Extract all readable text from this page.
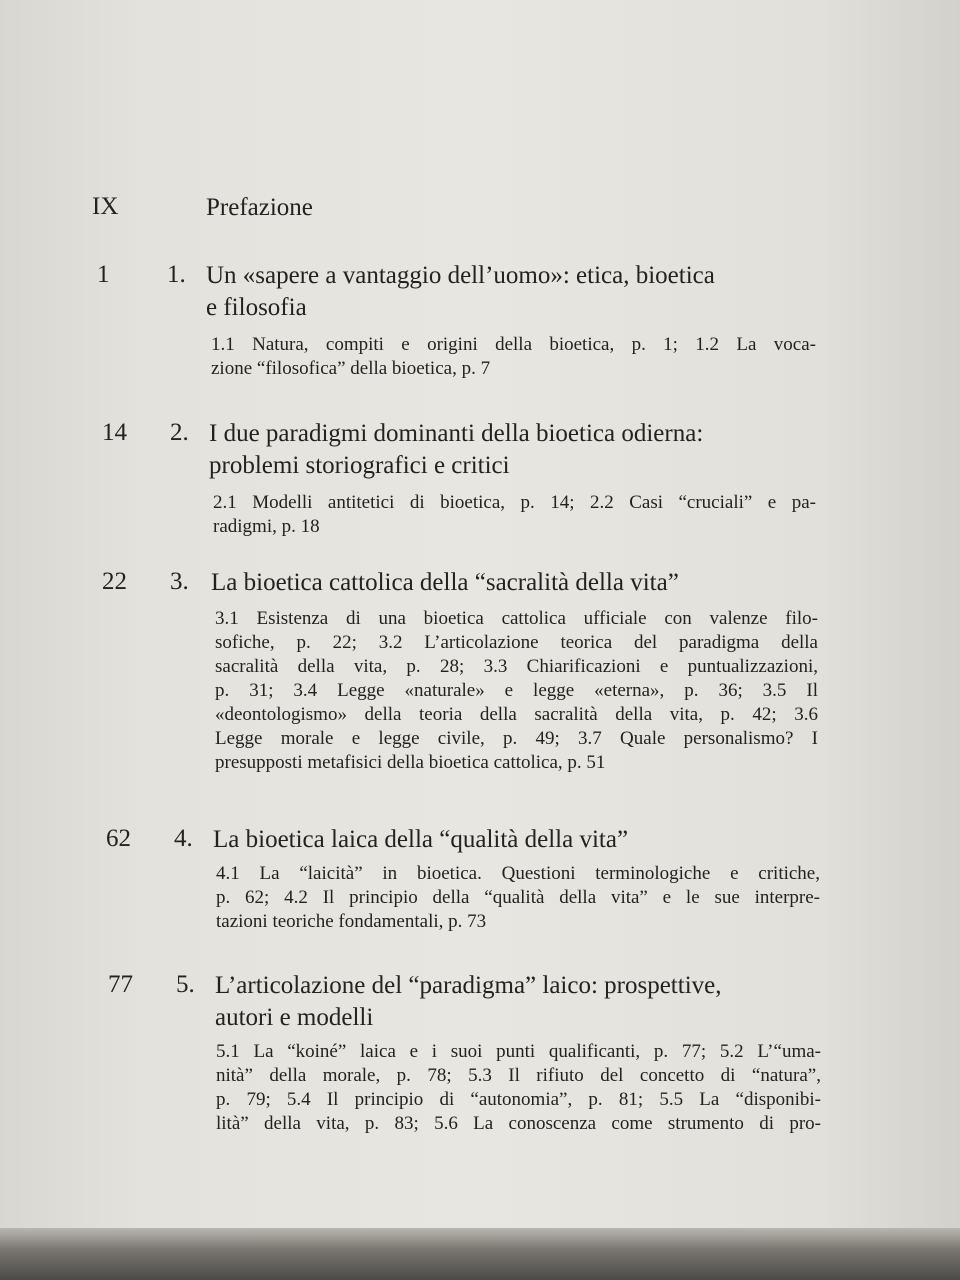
IX	Prefazione
1 1. Un «sapere a vantaggio dell’uomo»: etica, bioetica
e filosofia
1.1 Natura, compiti e origini della bioetica, p. 1; 1.2 La voca-
zione “filosofica” della bioetica, p. 7
14 2. I due paradigmi dominanti della bioetica odierna:
problemi storiografici e critici
2.1 Modelli antitetici di bioetica, p. 14; 2.2 Casi “cruciali” e pa-
radigmi, p. 18
22 3. La bioetica cattolica della “sacralità della vita”
3.1 Esistenza di una bioetica cattolica ufficiale con valenze filo-
sofiche, p. 22; 3.2 L’articolazione teorica del paradigma della
sacralità della vita, p. 28; 3.3 Chiarificazioni e puntualizzazioni,
p. 31; 3.4 Legge «naturale» e legge «eterna», p. 36; 3.5 Il
«deontologismo» della teoria della sacralità della vita, p. 42; 3.6
Legge morale e legge civile, p. 49; 3.7 Quale personalismo? I
presupposti metafisici della bioetica cattolica, p. 51
62 4. La bioetica laica della “qualità della vita”
4.1 La “laicità” in bioetica. Questioni terminologiche e critiche,
p. 62; 4.2 Il principio della “qualità della vita” e le sue interpre-
tazioni teoriche fondamentali, p. 73
77 5. L’articolazione del “paradigma” laico: prospettive,
autori e modelli
5.1 La “koiné” laica e i suoi punti qualificanti, p. 77; 5.2 L’“uma-
nità” della morale, p. 78; 5.3 Il rifiuto del concetto di “natura”,
p. 79; 5.4 Il principio di “autonomia”, p. 81; 5.5 La “disponibi-
lità” della vita, p. 83; 5.6 La conoscenza come strumento di pro-
